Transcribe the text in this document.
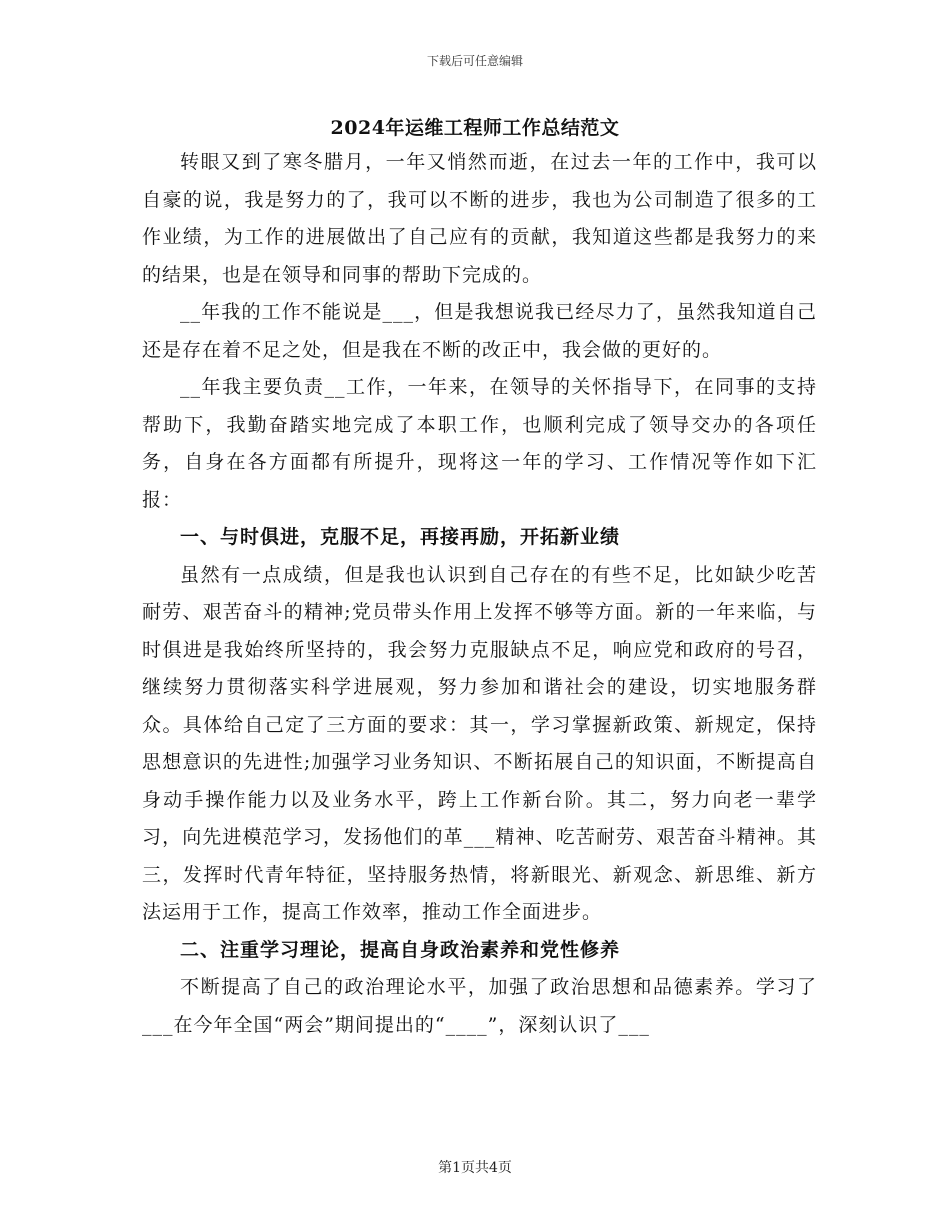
下载后可任意编辑
2024年运维工程师工作总结范文

转眼又到了寒冬腊月，一年又悄然而逝，在过去一年的工作中，我可以自豪的说，我是努力的了，我可以不断的进步，我也为公司制造了很多的工作业绩，为工作的进展做出了自己应有的贡献，我知道这些都是我努力的来的结果，也是在领导和同事的帮助下完成的。

__年我的工作不能说是___，但是我想说我已经尽力了，虽然我知道自己还是存在着不足之处，但是我在不断的改正中，我会做的更好的。

__年我主要负责__工作，一年来，在领导的关怀指导下，在同事的支持帮助下，我勤奋踏实地完成了本职工作，也顺利完成了领导交办的各项任务，自身在各方面都有所提升，现将这一年的学习、工作情况等作如下汇报：

一、与时俱进，克服不足，再接再励，开拓新业绩

虽然有一点成绩，但是我也认识到自己存在的有些不足，比如缺少吃苦耐劳、艰苦奋斗的精神;党员带头作用上发挥不够等方面。新的一年来临，与时俱进是我始终所坚持的，我会努力克服缺点不足，响应党和政府的号召，继续努力贯彻落实科学进展观，努力参加和谐社会的建设，切实地服务群众。具体给自己定了三方面的要求：其一，学习掌握新政策、新规定，保持思想意识的先进性;加强学习业务知识、不断拓展自己的知识面，不断提高自身动手操作能力以及业务水平，跨上工作新台阶。其二，努力向老一辈学习，向先进模范学习，发扬他们的革___精神、吃苦耐劳、艰苦奋斗精神。其三，发挥时代青年特征，坚持服务热情，将新眼光、新观念、新思维、新方法运用于工作，提高工作效率，推动工作全面进步。

二、注重学习理论，提高自身政治素养和党性修养

不断提高了自己的政治理论水平，加强了政治思想和品德素养。学习了___在今年全国“两会”期间提出的“____”，深刻认识了___

第1页共4页
